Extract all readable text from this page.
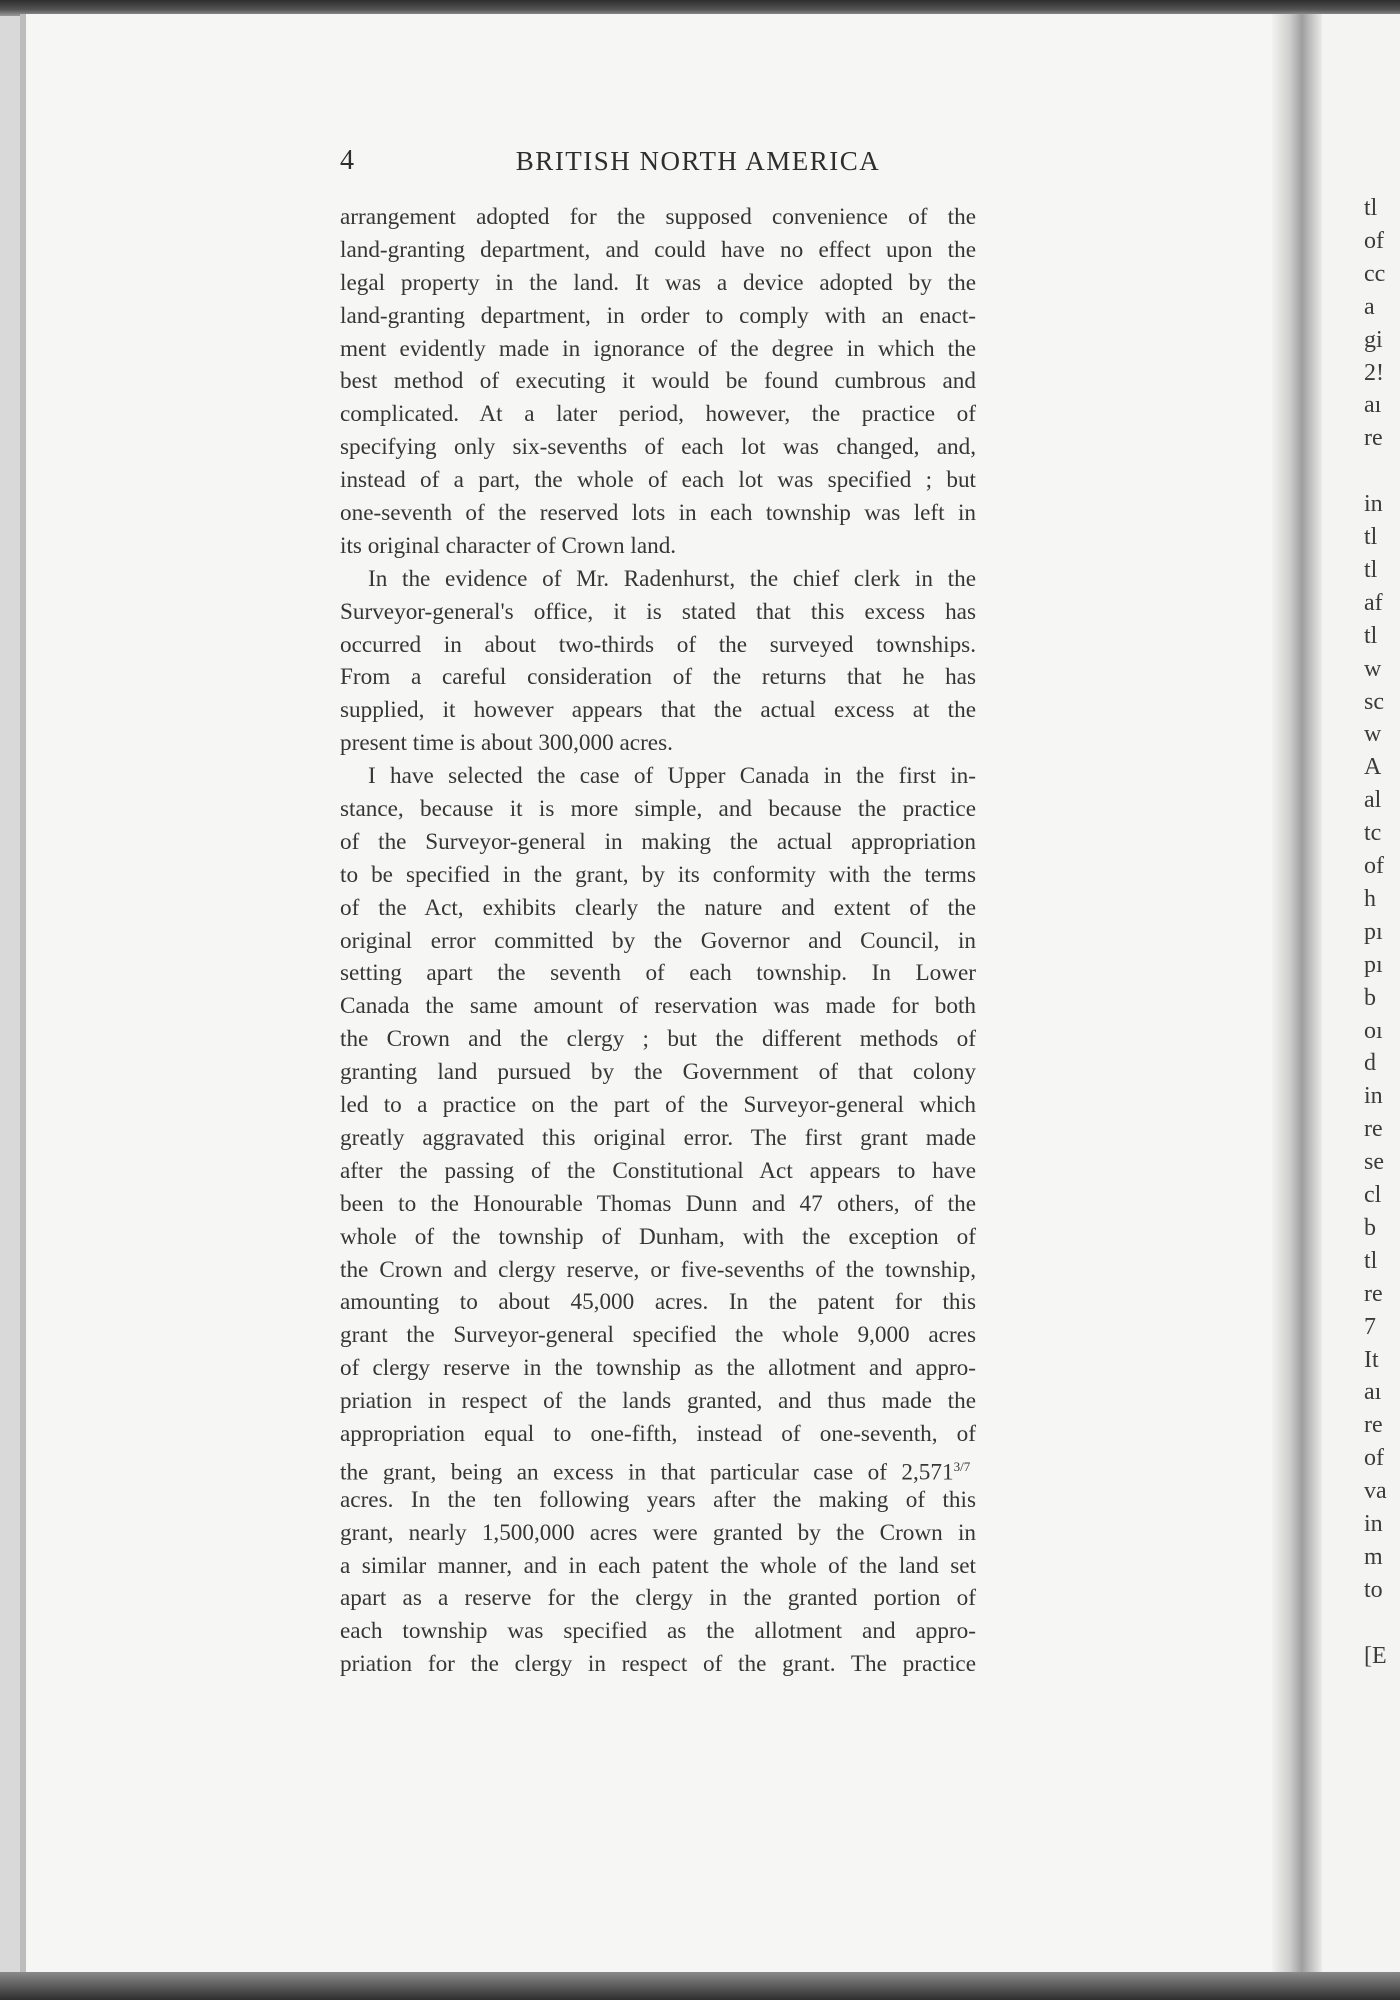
tl
of
cc
a
gi
2!
aı
re
in
tl
tl
af
tl
w
sc
w
A
al
tc
of
h
pı
pı
b
oı
d
in
re
se
cl
b
tl
re
7
It
aı
re
of
va
in
m
to
[E
4	BRITISH NORTH AMERICA
arrangement adopted for the supposed convenience of the
land-granting department, and could have no effect upon the
legal property in the land. It was a device adopted by the
land-granting department, in order to comply with an enact-
ment evidently made in ignorance of the degree in which the
best method of executing it would be found cumbrous and
complicated. At a later period, however, the practice of
specifying only six-sevenths of each lot was changed, and,
instead of a part, the whole of each lot was specified ; but
one-seventh of the reserved lots in each township was left in
its original character of Crown land.
In the evidence of Mr. Radenhurst, the chief clerk in the
Surveyor-general's office, it is stated that this excess has
occurred in about two-thirds of the surveyed townships.
From a careful consideration of the returns that he has
supplied, it however appears that the actual excess at the
present time is about 300,000 acres.
I have selected the case of Upper Canada in the first in-
stance, because it is more simple, and because the practice
of the Surveyor-general in making the actual appropriation
to be specified in the grant, by its conformity with the terms
of the Act, exhibits clearly the nature and extent of the
original error committed by the Governor and Council, in
setting apart the seventh of each township. In Lower
Canada the same amount of reservation was made for both
the Crown and the clergy ; but the different methods of
granting land pursued by the Government of that colony
led to a practice on the part of the Surveyor-general which
greatly aggravated this original error. The first grant made
after the passing of the Constitutional Act appears to have
been to the Honourable Thomas Dunn and 47 others, of the
whole of the township of Dunham, with the exception of
the Crown and clergy reserve, or five-sevenths of the township,
amounting to about 45,000 acres. In the patent for this
grant the Surveyor-general specified the whole 9,000 acres
of clergy reserve in the township as the allotment and appro-
priation in respect of the lands granted, and thus made the
appropriation equal to one-fifth, instead of one-seventh, of
the grant, being an excess in that particular case of $2,571^{3/7}$
acres. In the ten following years after the making of this
grant, nearly 1,500,000 acres were granted by the Crown in
a similar manner, and in each patent the whole of the land set
apart as a reserve for the clergy in the granted portion of
each township was specified as the allotment and appro-
priation for the clergy in respect of the grant. The practice
